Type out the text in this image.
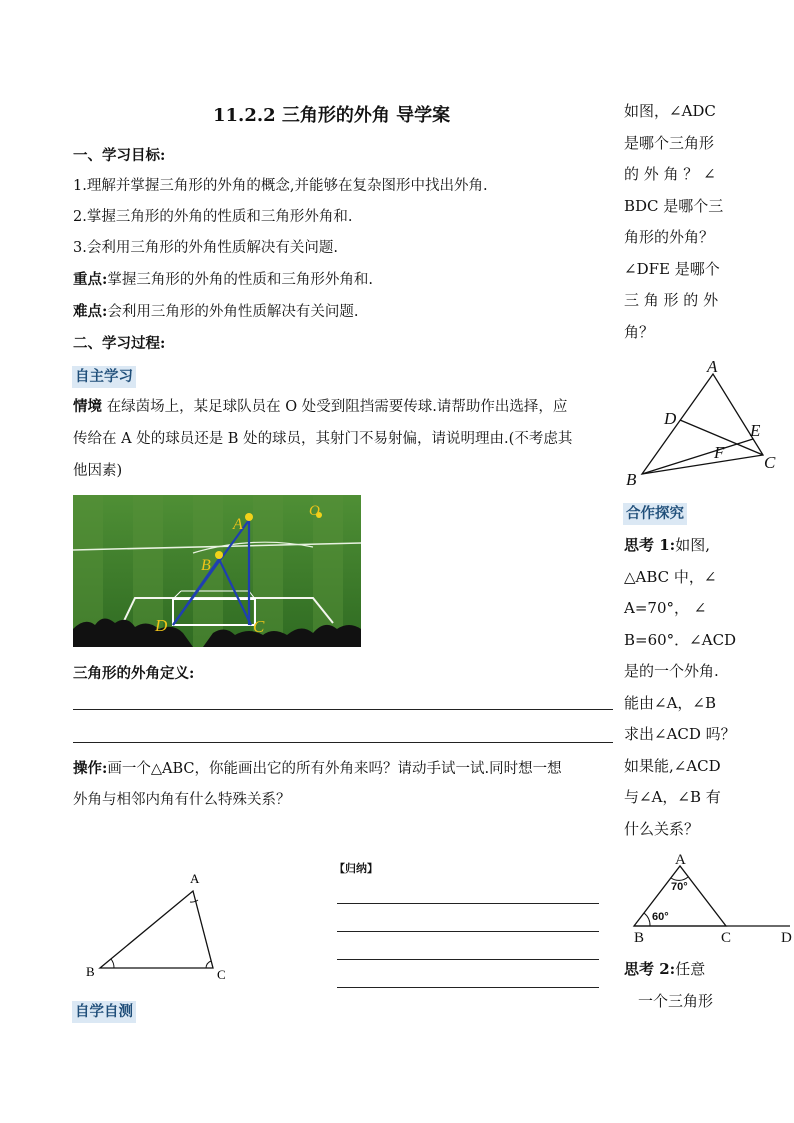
11.2.2 三角形的外角 导学案
一、学习目标:
1.理解并掌握三角形的外角的概念,并能够在复杂图形中找出外角.
2.掌握三角形的外角的性质和三角形外角和.
3.会利用三角形的外角性质解决有关问题.
重点:掌握三角形的外角的性质和三角形外角和.
难点:会利用三角形的外角性质解决有关问题.
二、学习过程:
自主学习
情境 在绿茵场上，某足球队员在 O 处受到阻挡需要传球.请帮助作出选择，应
传给在 A 处的球员还是 B 处的球员，其射门不易射偏，请说明理由.(不考虑其
他因素)
O
A
B
D	C
三角形的外角定义:
操作:画一个△ABC，你能画出它的所有外角来吗？请动手试一试.同时想一想
外角与相邻内角有什么特殊关系？
A
B	C
【归纳】
自学自测

如图，∠ADC

是哪个三角形

的 外 角 ？ ∠

BDC 是哪个三

角形的外角？

∠DFE 是哪个

三 角 形 的 外

角？

A
B
C
D
E
F
合作探究

思考 1:如图,

△ABC 中，∠

A=70°， ∠

B=60°．∠ACD

是的一个外角.

能由∠A，∠B

求出∠ACD 吗？

如果能,∠ACD

与∠A，∠B 有

什么关系？

70°
60°
A
B	C	D

思考 2:任意

一个三角形
